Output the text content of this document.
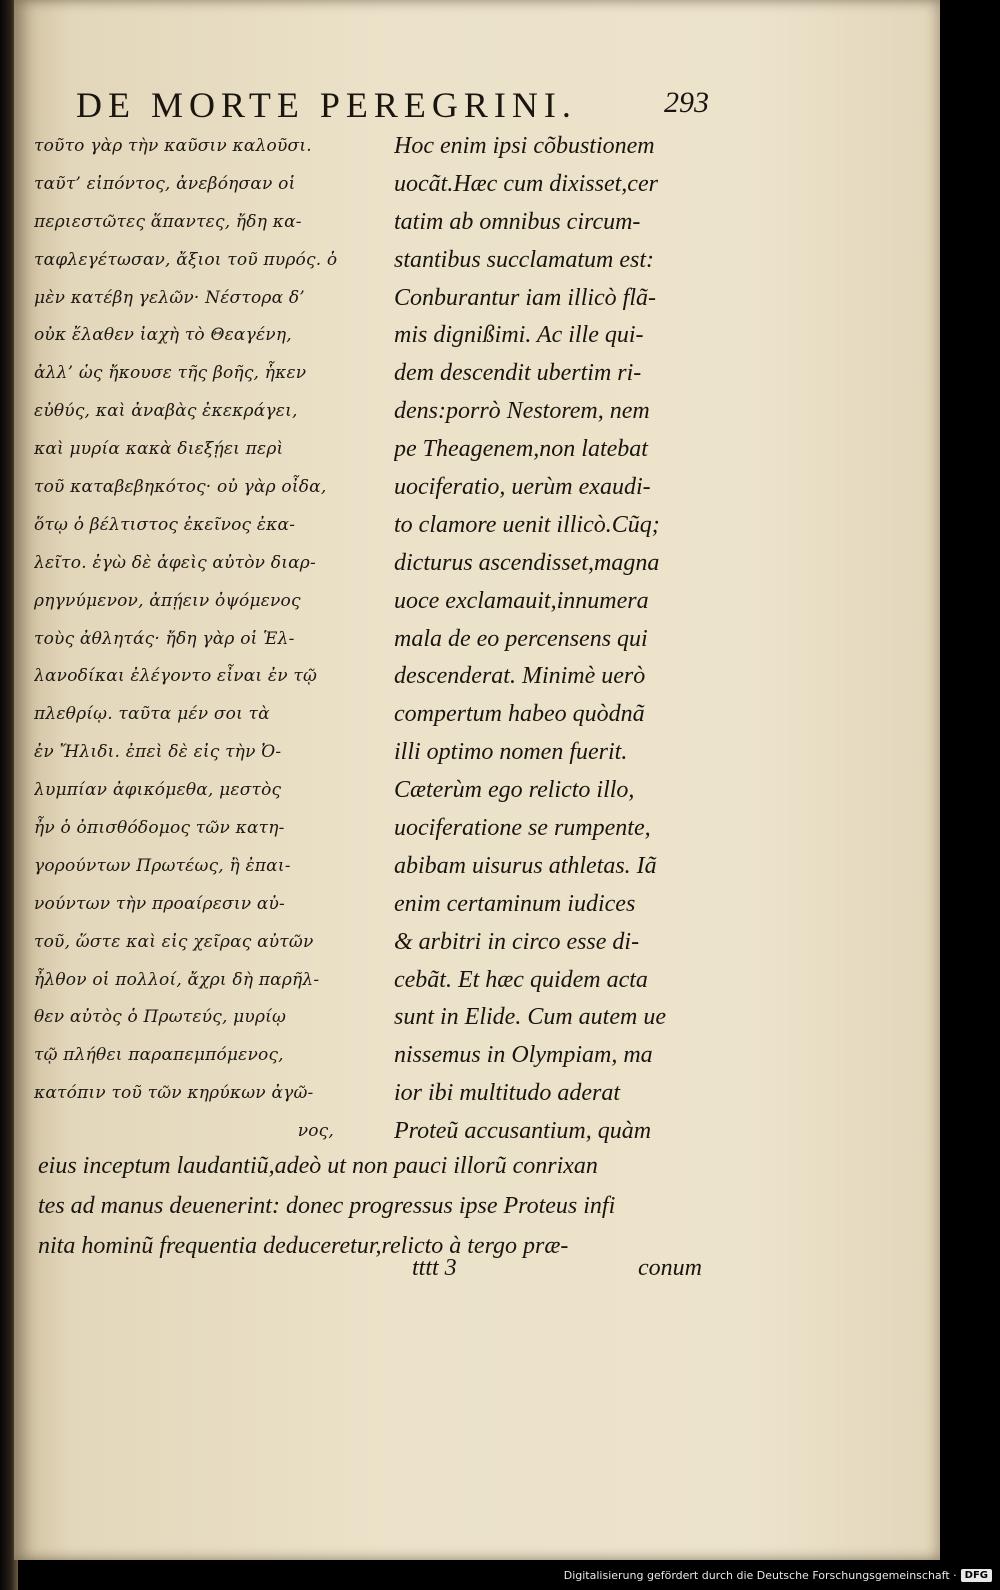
DE MORTE PEREGRINI.	293
τοῦτο γὰρ τὴν καῦσιν καλοῦσι.
ταῦτ’ εἰπόντος, ἀνεβόησαν οἱ
περιεστῶτες ἅπαντες, ἤδη κα-
ταφλεγέτωσαν, ἄξιοι τοῦ πυρός. ὁ
μὲν κατέβη γελῶν· Νέστορα δ’
οὐκ ἔλαθεν ἰαχὴ τὸ Θεαγένη,
ἀλλ’ ὡς ἤκουσε τῆς βοῆς, ἧκεν
εὐθύς, καὶ ἀναβὰς ἐκεκράγει,
καὶ μυρία κακὰ διεξῄει περὶ
τοῦ καταβεβηκότος· οὐ γὰρ οἶδα,
ὅτῳ ὁ βέλτιστος ἐκεῖνος ἐκα-
λεῖτο. ἐγὼ δὲ ἀφεὶς αὐτὸν διαρ-
ρηγνύμενον, ἀπῄειν ὀψόμενος
τοὺς ἀθλητάς· ἤδη γὰρ οἱ Ἑλ-
λανοδίκαι ἐλέγοντο εἶναι ἐν τῷ
πλεθρίῳ. ταῦτα μέν σοι τὰ
ἐν Ἤλιδι. ἐπεὶ δὲ εἰς τὴν Ὀ-
λυμπίαν ἀφικόμεθα, μεστὸς
ἦν ὁ ὀπισθόδομος τῶν κατη-
γορούντων Πρωτέως, ἢ ἐπαι-
νούντων τὴν προαίρεσιν αὐ-
τοῦ, ὥστε καὶ εἰς χεῖρας αὐτῶν
ἦλθον οἱ πολλοί, ἄχρι δὴ παρῆλ-
θεν αὐτὸς ὁ Πρωτεύς, μυρίῳ
τῷ πλήθει παραπεμπόμενος,
κατόπιν τοῦ τῶν κηρύκων ἀγῶ-
νος,
Hoc enim ipsi cõbustionem
uocãt.Hæc cum dixisset,cer
tatim ab omnibus circum-
stantibus succlamatum est:
Conburantur iam illicò flã-
mis dignißimi. Ac ille qui-
dem descendit ubertim ri-
dens:porrò Nestorem, nem
pe Theagenem,non latebat
uociferatio, uerùm exaudi-
to clamore uenit illicò.Cũq;
dicturus ascendisset,magna
uoce exclamauit,innumera
mala de eo percensens qui
descenderat. Minimè uerò
compertum habeo quòdnã
illi optimo nomen fuerit.
Cæterùm ego relicto illo,
uociferatione se rumpente,
abibam uisurus athletas. Iã
enim certaminum iudices
& arbitri in circo esse di-
cebãt. Et hæc quidem acta
sunt in Elide. Cum autem ue
nissemus in Olympiam, ma
ior ibi multitudo aderat
Proteũ accusantium, quàm
eius inceptum laudantiũ,adeò ut non pauci illorũ conrixan
tes ad manus deuenerint: donec progressus ipse Proteus infi
nita hominũ frequentia deduceretur,relicto à tergo præ-
tttt 3	conum
Digitalisierung gefördert durch die Deutsche Forschungsgemeinschaft · DFG
